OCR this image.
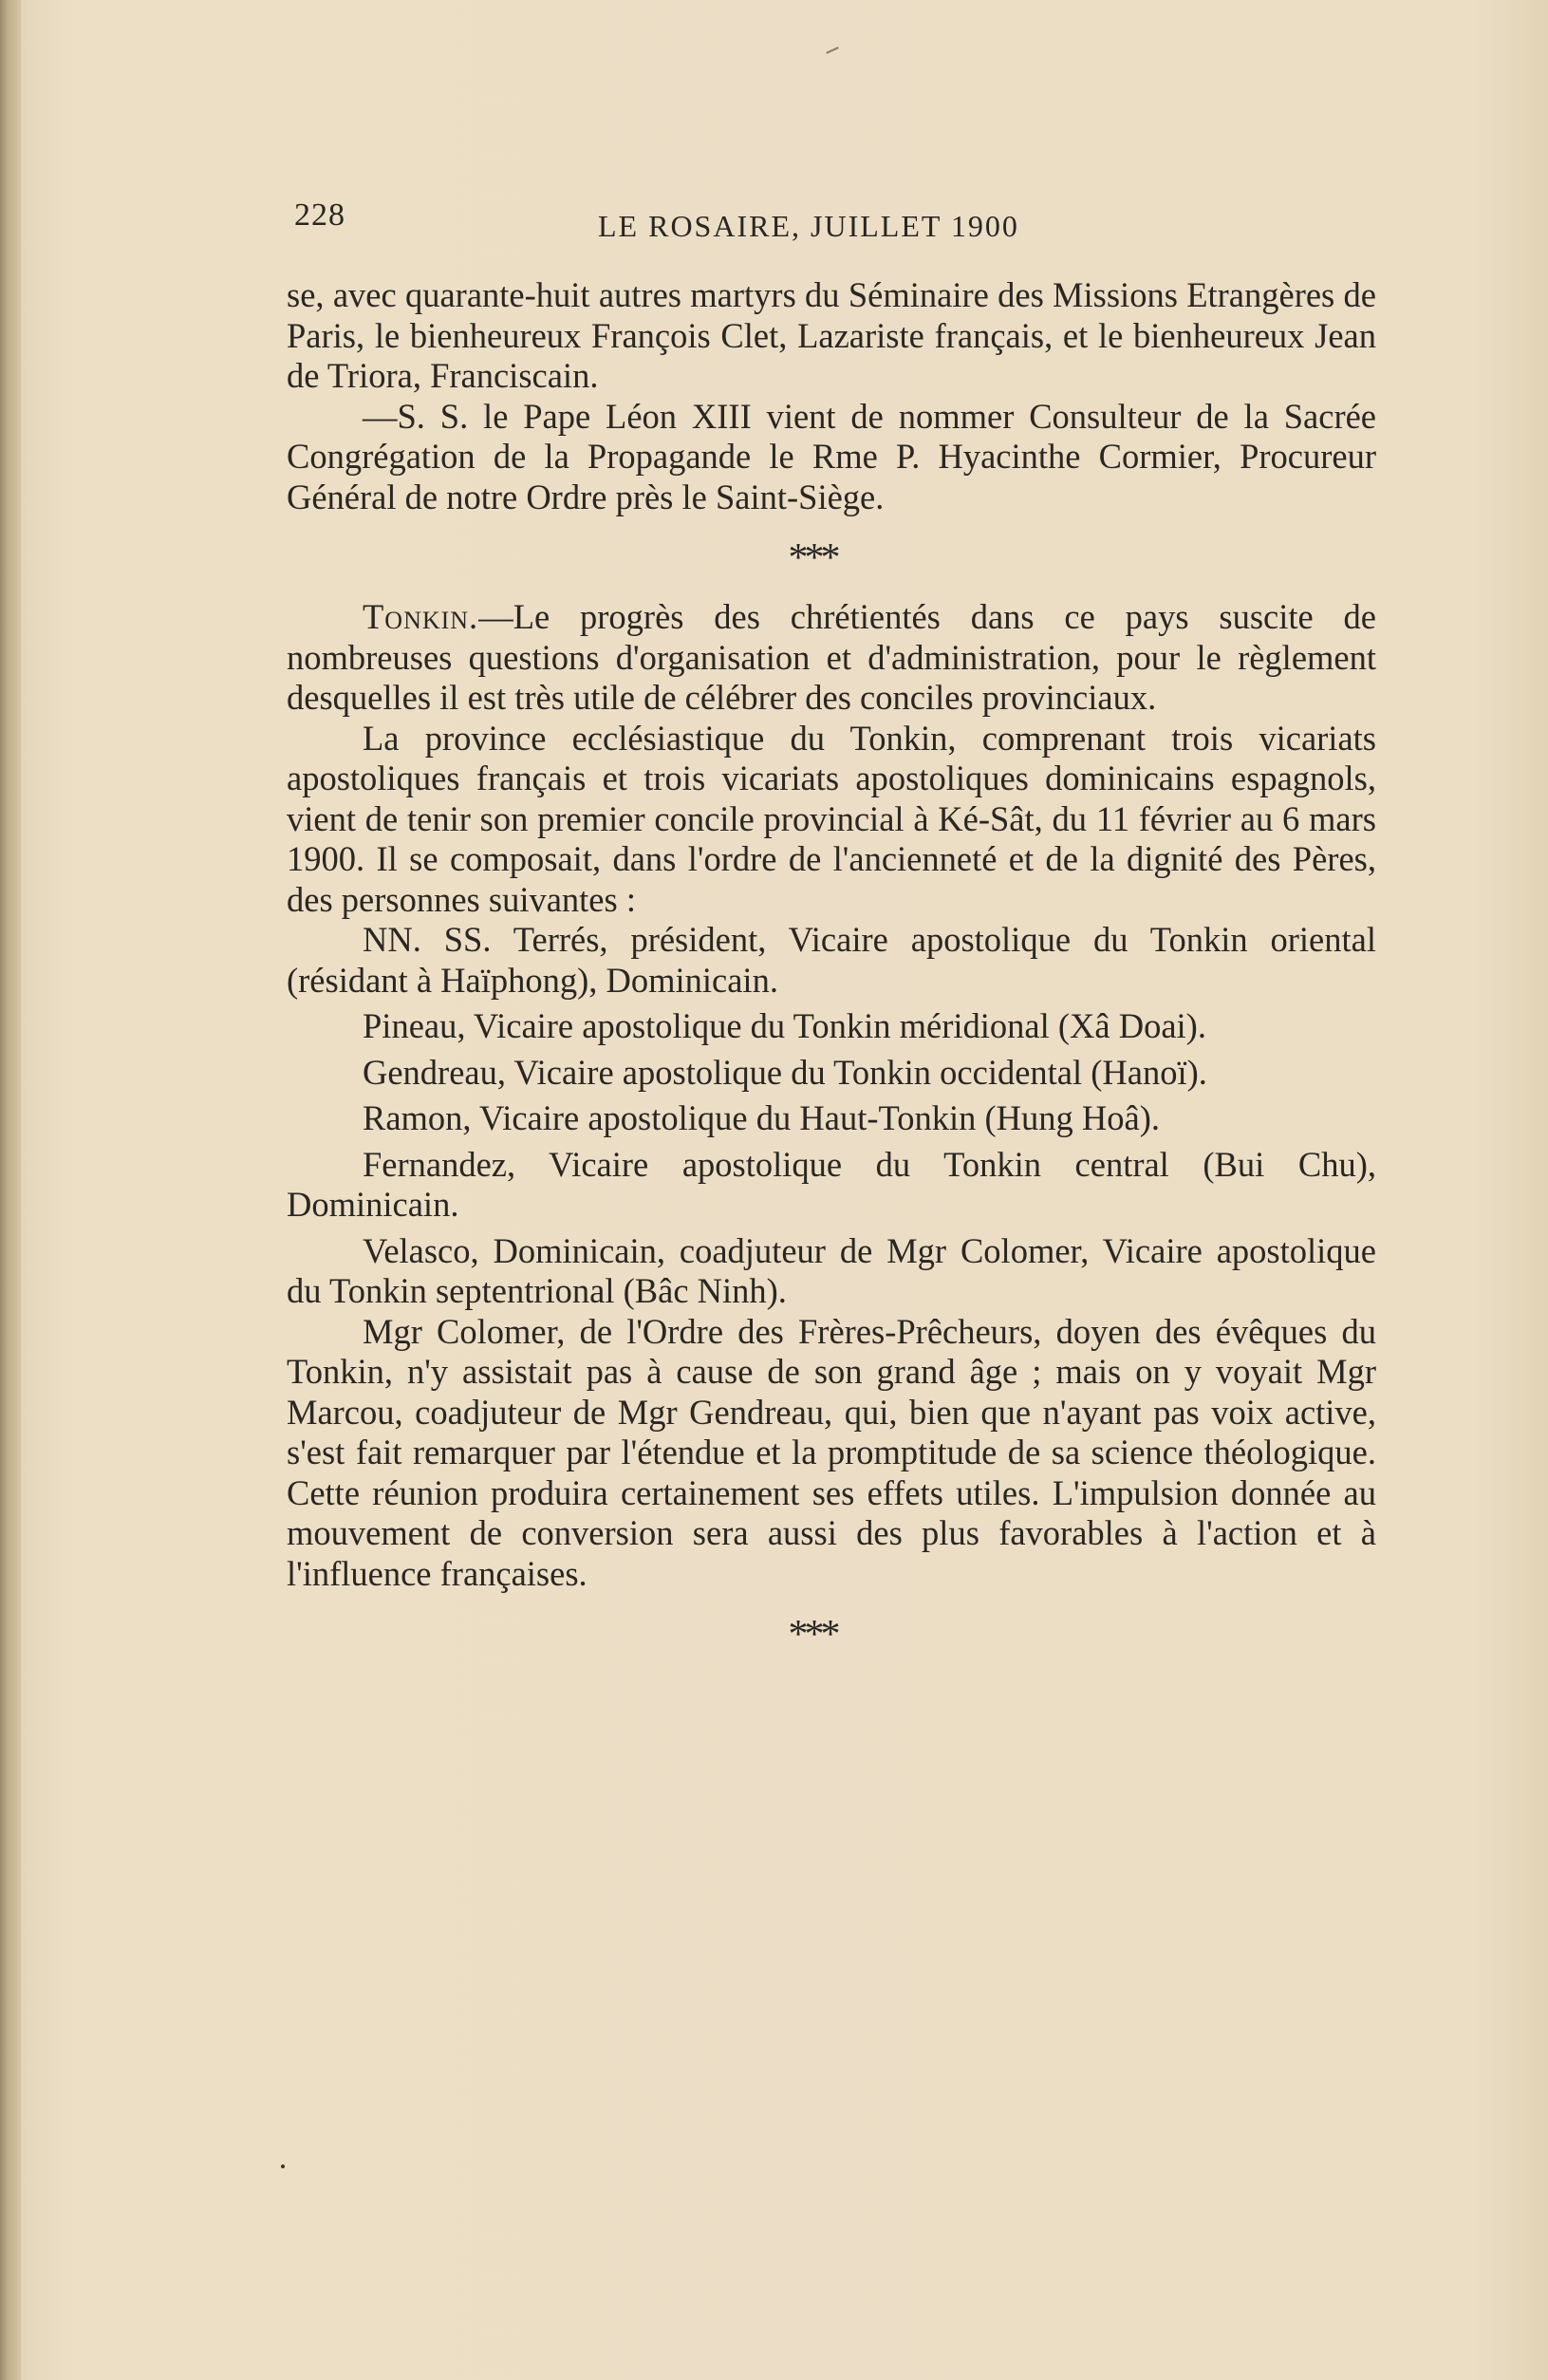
228	LE ROSAIRE, JUILLET 1900

se, avec quarante-huit autres martyrs du Séminaire des Missions Etrangères de Paris, le bienheureux François Clet, Lazariste français, et le bienheureux Jean de Triora, Franciscain.

—S. S. le Pape Léon XIII vient de nommer Consulteur de la Sacrée Congrégation de la Propagande le Rme P. Hyacinthe Cormier, Procureur Général de notre Ordre près le Saint-Siège.

***

Tonkin.—Le progrès des chrétientés dans ce pays suscite de nombreuses questions d'organisation et d'administration, pour le règlement desquelles il est très utile de célébrer des conciles provinciaux.

La province ecclésiastique du Tonkin, comprenant trois vicariats apostoliques français et trois vicariats apostoliques dominicains espagnols, vient de tenir son premier concile provincial à Ké-Sât, du 11 février au 6 mars 1900. Il se composait, dans l'ordre de l'ancienneté et de la dignité des Pères, des personnes suivantes :

NN. SS. Terrés, président, Vicaire apostolique du Tonkin oriental (résidant à Haïphong), Dominicain.

Pineau, Vicaire apostolique du Tonkin méridional (Xâ Doai).

Gendreau, Vicaire apostolique du Tonkin occidental (Hanoï).

Ramon, Vicaire apostolique du Haut-Tonkin (Hung Hoâ).

Fernandez, Vicaire apostolique du Tonkin central (Bui Chu), Dominicain.

Velasco, Dominicain, coadjuteur de Mgr Colomer, Vicaire apostolique du Tonkin septentrional (Bâc Ninh).

Mgr Colomer, de l'Ordre des Frères-Prêcheurs, doyen des évêques du Tonkin, n'y assistait pas à cause de son grand âge ; mais on y voyait Mgr Marcou, coadjuteur de Mgr Gendreau, qui, bien que n'ayant pas voix active, s'est fait remarquer par l'étendue et la promptitude de sa science théologique. Cette réunion produira certainement ses effets utiles. L'impulsion donnée au mouvement de conversion sera aussi des plus favorables à l'action et à l'influence françaises.

***
